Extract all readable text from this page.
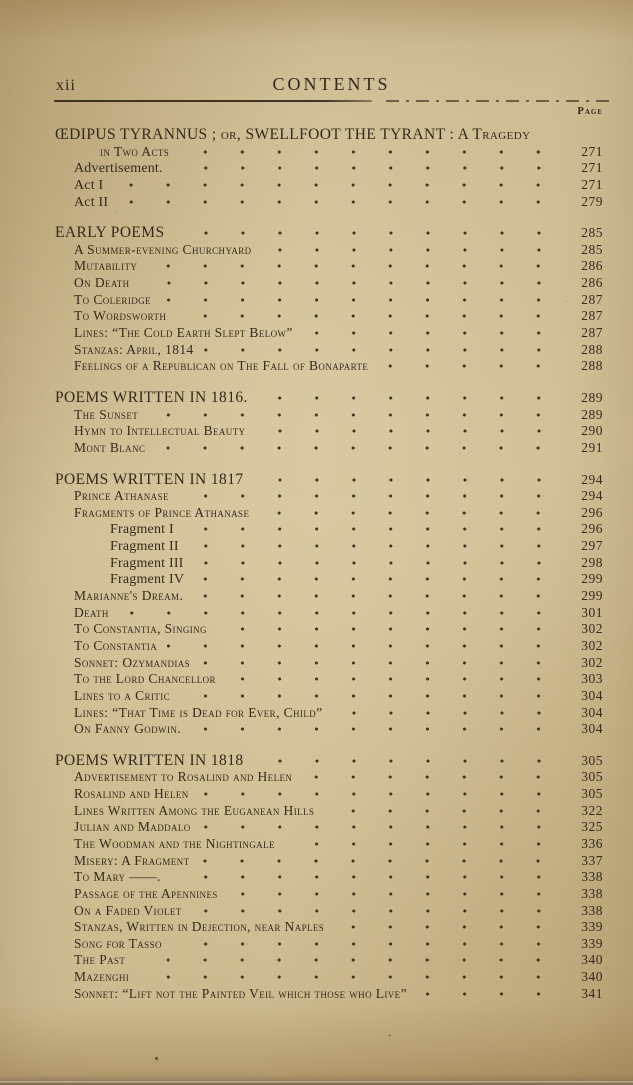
xii	CONTENTS
Page
ŒDIPUS TYRANNUS ; or, SWELLFOOT THE TYRANT : A Tragedy
in Two Acts	271
Advertisement.	271
Act I	271
Act II	279
EARLY POEMS	285
A Summer-evening Churchyard	285
Mutability	286
On Death	286
To Coleridge	287
To Wordsworth	287
Lines: “The Cold Earth Slept Below”	287
Stanzas: April, 1814	288
Feelings of a Republican on The Fall of Bonaparte	288
POEMS WRITTEN IN 1816.	289
The Sunset	289
Hymn to Intellectual Beauty	290
Mont Blanc	291
POEMS WRITTEN IN 1817	294
Prince Athanase	294
Fragments of Prince Athanase	296
Fragment I	296
Fragment II	297
Fragment III	298
Fragment IV	299
Marianne's Dream.	299
Death	301
To Constantia, Singing	302
To Constantia	302
Sonnet: Ozymandias	302
To the Lord Chancellor	303
Lines to a Critic	304
Lines: “That Time is Dead for Ever, Child”	304
On Fanny Godwin.	304
POEMS WRITTEN IN 1818	305
Advertisement to Rosalind and Helen	305
Rosalind and Helen	305
Lines Written Among the Euganean Hills	322
Julian and Maddalo	325
The Woodman and the Nightingale	336
Misery: A Fragment	337
To Mary ——.	338
Passage of the Apennines	338
On a Faded Violet	338
Stanzas, Written in Dejection, near Naples	339
Song for Tasso	339
The Past	340
Mazenghi	340
Sonnet: “Lift not the Painted Veil which those who Live”	341
